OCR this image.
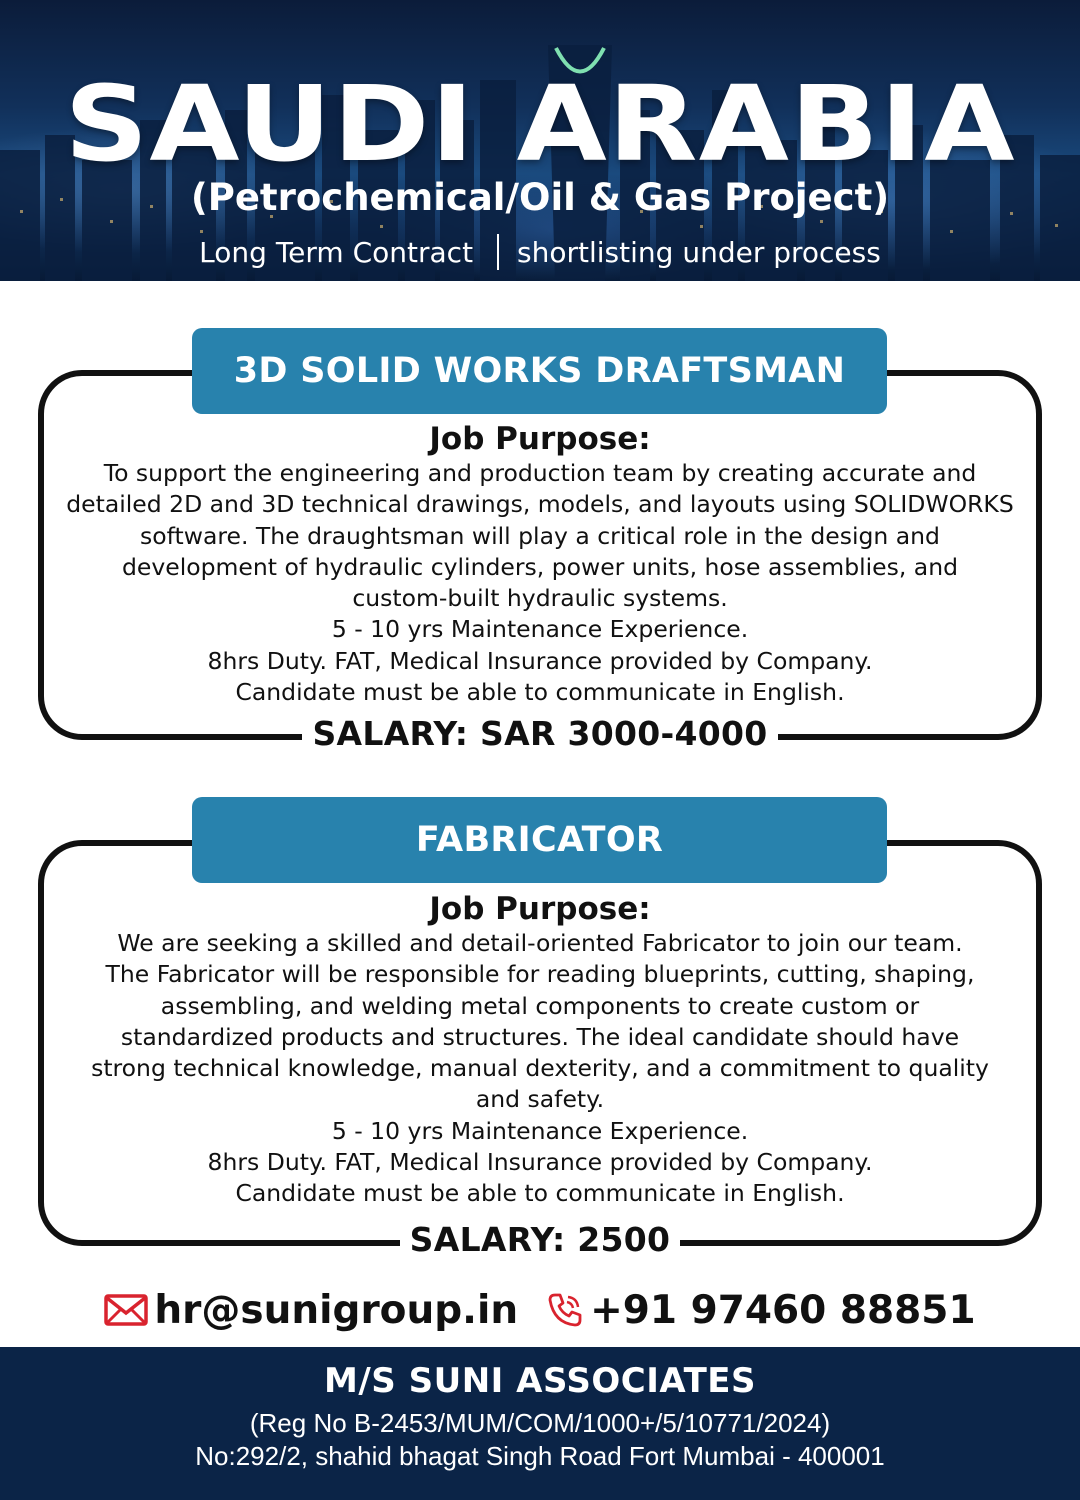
SAUDI ARABIA
(Petrochemical/Oil & Gas Project)
Long Term Contract shortlisting under process
3D SOLID WORKS DRAFTSMAN
Job Purpose:
To support the engineering and production team by creating accurate and
detailed 2D and 3D technical drawings, models, and layouts using SOLIDWORKS
software. The draughtsman will play a critical role in the design and
development of hydraulic cylinders, power units, hose assemblies, and
custom-built hydraulic systems.
5 - 10 yrs Maintenance Experience.
8hrs Duty. FAT, Medical Insurance provided by Company.
Candidate must be able to communicate in English.
SALARY: SAR 3000-4000
FABRICATOR
Job Purpose:
We are seeking a skilled and detail-oriented Fabricator to join our team.
The Fabricator will be responsible for reading blueprints, cutting, shaping,
assembling, and welding metal components to create custom or
standardized products and structures. The ideal candidate should have
strong technical knowledge, manual dexterity, and a commitment to quality
and safety.
5 - 10 yrs Maintenance Experience.
8hrs Duty. FAT, Medical Insurance provided by Company.
Candidate must be able to communicate in English.
SALARY: 2500
hr@sunigroup.in +91 97460 88851
M/S SUNI ASSOCIATES
(Reg No B-2453/MUM/COM/1000+/5/10771/2024)
No:292/2, shahid bhagat Singh Road Fort Mumbai - 400001
